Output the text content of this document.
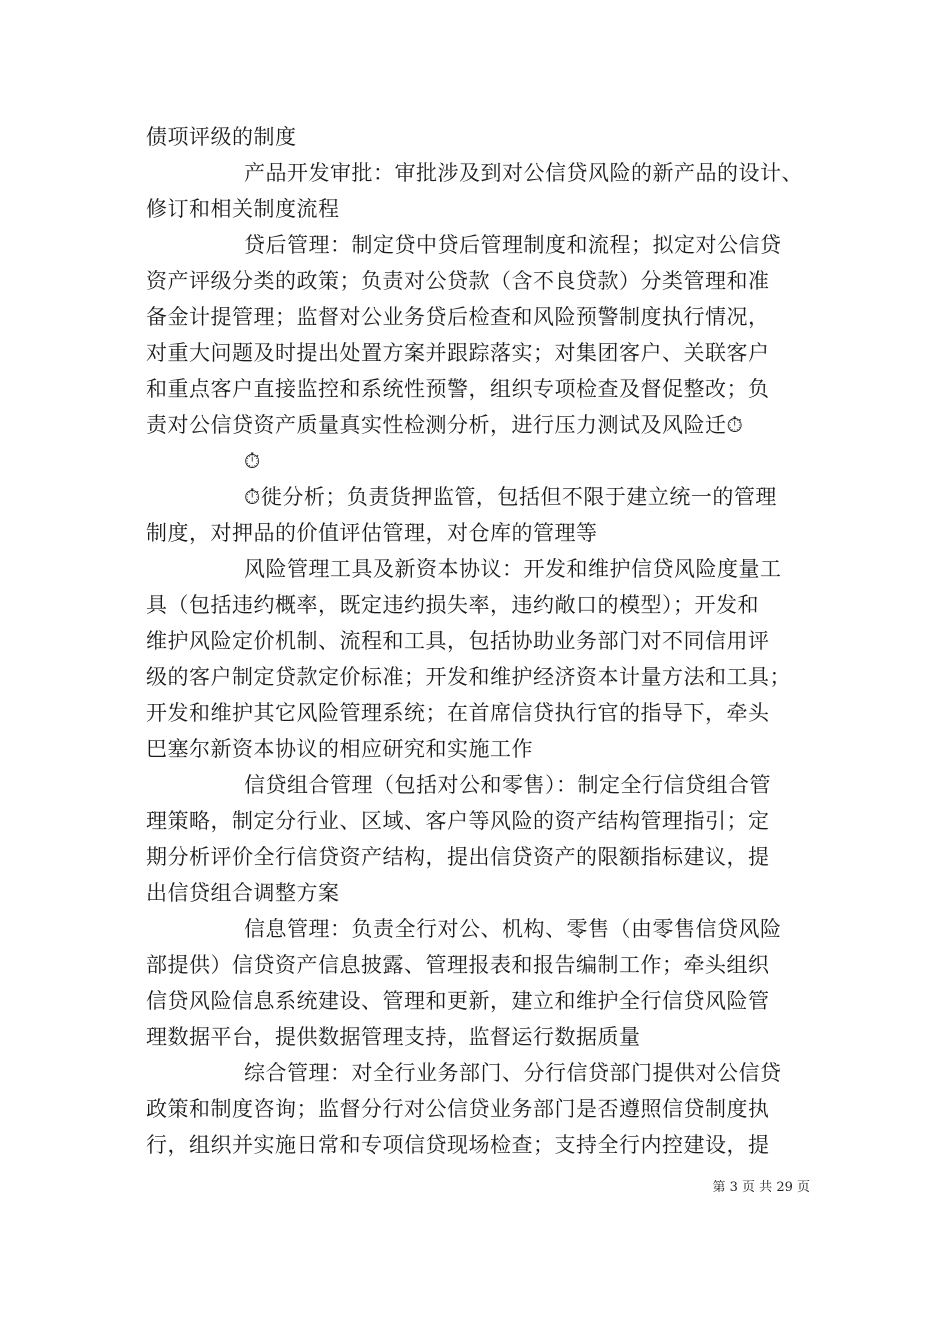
债项评级的制度
产品开发审批：审批涉及到对公信贷风险的新产品的设计、
修订和相关制度流程
贷后管理：制定贷中贷后管理制度和流程；拟定对公信贷
资产评级分类的政策；负责对公贷款（含不良贷款）分类管理和准
备金计提管理；监督对公业务贷后检查和风险预警制度执行情况，
对重大问题及时提出处置方案并跟踪落实；对集团客户、关联客户
和重点客户直接监控和系统性预警，组织专项检查及督促整改；负
责对公信贷资产质量真实性检测分析，进行压力测试及风险迁⏱
⏱
⏱徙分析；负责货押监管，包括但不限于建立统一的管理
制度，对押品的价值评估管理，对仓库的管理等
风险管理工具及新资本协议：开发和维护信贷风险度量工
具（包括违约概率，既定违约损失率，违约敞口的模型）；开发和
维护风险定价机制、流程和工具，包括协助业务部门对不同信用评
级的客户制定贷款定价标准；开发和维护经济资本计量方法和工具；
开发和维护其它风险管理系统；在首席信贷执行官的指导下，牵头
巴塞尔新资本协议的相应研究和实施工作
信贷组合管理（包括对公和零售）：制定全行信贷组合管
理策略，制定分行业、区域、客户等风险的资产结构管理指引；定
期分析评价全行信贷资产结构，提出信贷资产的限额指标建议，提
出信贷组合调整方案
信息管理：负责全行对公、机构、零售（由零售信贷风险
部提供）信贷资产信息披露、管理报表和报告编制工作；牵头组织
信贷风险信息系统建设、管理和更新，建立和维护全行信贷风险管
理数据平台，提供数据管理支持，监督运行数据质量
综合管理：对全行业务部门、分行信贷部门提供对公信贷
政策和制度咨询；监督分行对公信贷业务部门是否遵照信贷制度执
行，组织并实施日常和专项信贷现场检查；支持全行内控建设，提
第 3 页 共 29 页
